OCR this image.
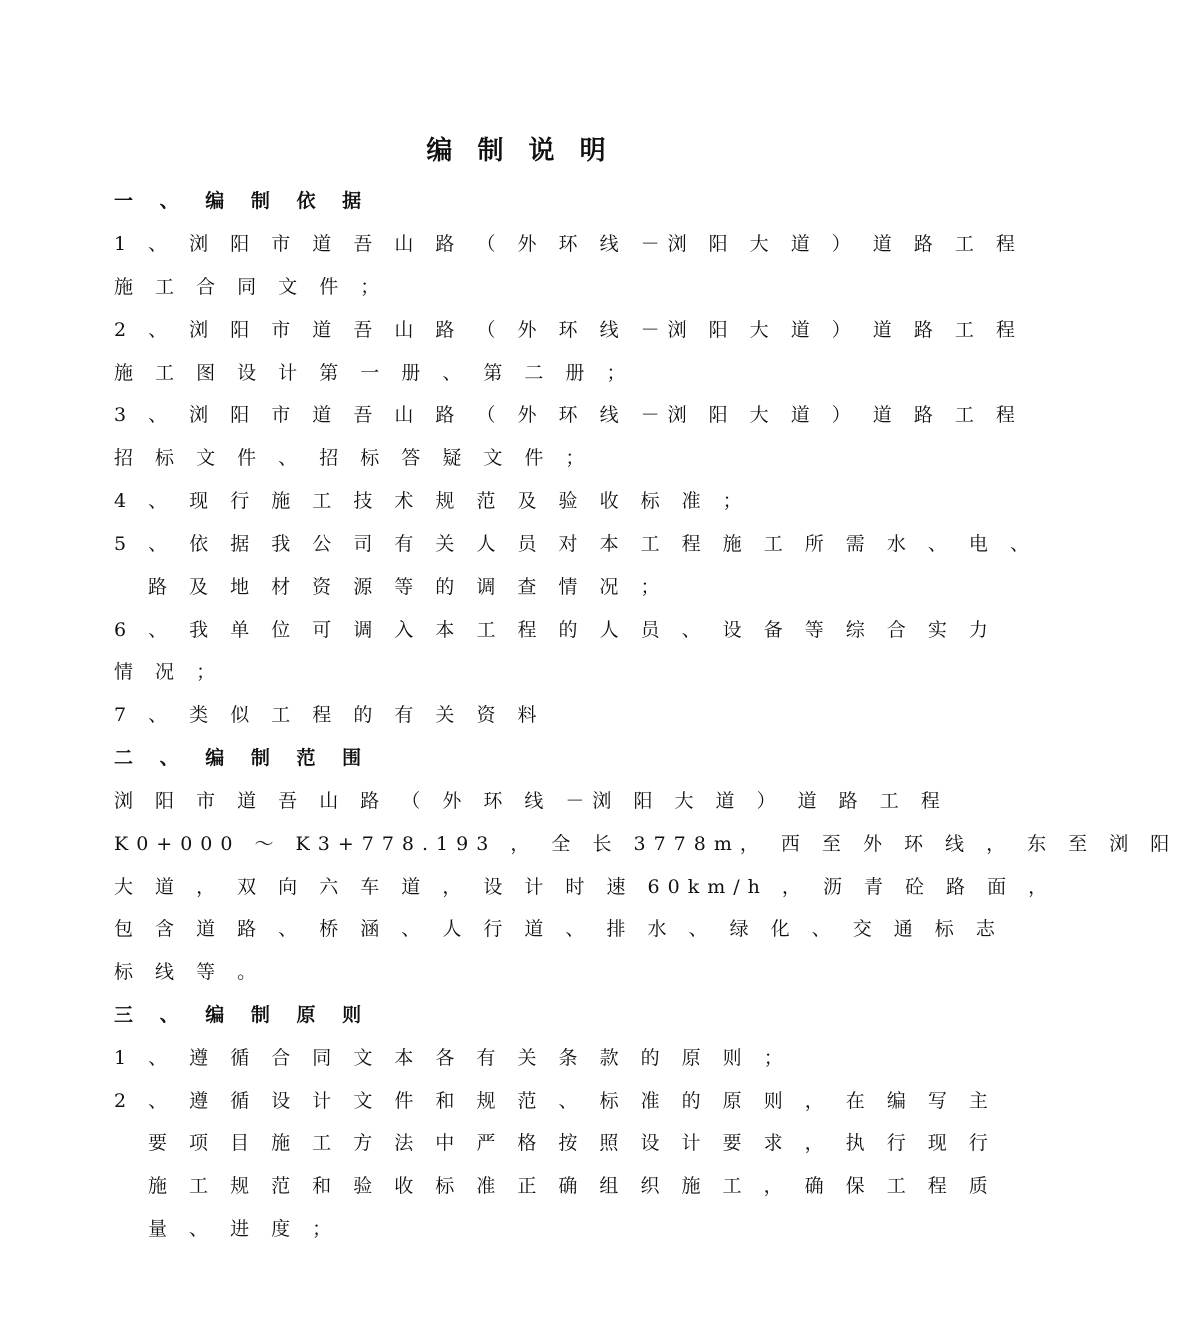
编 制 说 明
一 、 编 制 依 据
1 、 浏 阳 市 道 吾 山 路 （ 外 环 线 －浏 阳 大 道 ） 道 路 工 程
施 工 合 同 文 件 ；
2 、 浏 阳 市 道 吾 山 路 （ 外 环 线 －浏 阳 大 道 ） 道 路 工 程
施 工 图 设 计 第 一 册 、 第 二 册 ；
3 、 浏 阳 市 道 吾 山 路 （ 外 环 线 －浏 阳 大 道 ） 道 路 工 程
招 标 文 件 、 招 标 答 疑 文 件 ；
4 、 现 行 施 工 技 术 规 范 及 验 收 标 准 ；
5 、 依 据 我 公 司 有 关 人 员 对 本 工 程 施 工 所 需 水 、 电 、
路 及 地 材 资 源 等 的 调 查 情 况 ；
6 、 我 单 位 可 调 入 本 工 程 的 人 员 、 设 备 等 综 合 实 力
情 况 ；
7 、 类 似 工 程 的 有 关 资 料
二 、 编 制 范 围
浏 阳 市 道 吾 山 路 （ 外 环 线 －浏 阳 大 道 ） 道 路 工 程
K0+000 ～ K3+778.193 ， 全 长 3778m， 西 至 外 环 线 ， 东 至 浏 阳
大 道 ， 双 向 六 车 道 ， 设 计 时 速 60km/h ， 沥 青 砼 路 面 ，
包 含 道 路 、 桥 涵 、 人 行 道 、 排 水 、 绿 化 、 交 通 标 志
标 线 等 。
三 、 编 制 原 则
1 、 遵 循 合 同 文 本 各 有 关 条 款 的 原 则 ；
2 、 遵 循 设 计 文 件 和 规 范 、 标 准 的 原 则 ， 在 编 写 主
要 项 目 施 工 方 法 中 严 格 按 照 设 计 要 求 ， 执 行 现 行
施 工 规 范 和 验 收 标 准 正 确 组 织 施 工 ， 确 保 工 程 质
量 、 进 度 ；
